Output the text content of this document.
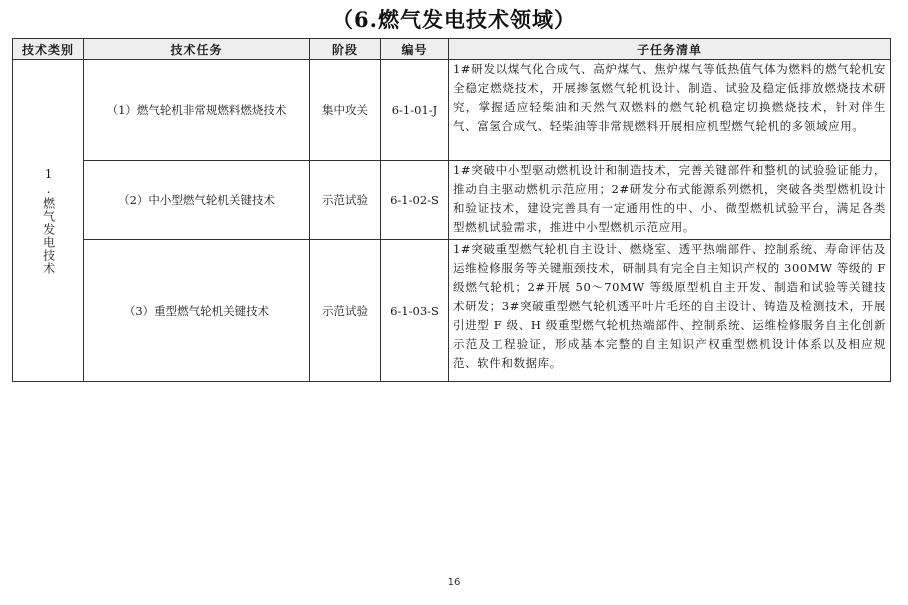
（6.燃气发电技术领域）
技术类别	技术任务	阶段	编号	子任务清单

1.燃气发电技术	（1）燃气轮机非常规燃料燃烧技术	集中攻关	6-1-01-J	1#研发以煤气化合成气、高炉煤气、焦炉煤气等低热值气体为燃料的燃气轮机安全稳定燃烧技术，开展掺氢燃气轮机设计、制造、试验及稳定低排放燃烧技术研究，掌握适应轻柴油和天然气双燃料的燃气轮机稳定切换燃烧技术，针对伴生气、富氢合成气、轻柴油等非常规燃料开展相应机型燃气轮机的多领域应用。
	（2）中小型燃气轮机关键技术	示范试验	6-1-02-S	1#突破中小型驱动燃机设计和制造技术，完善关键部件和整机的试验验证能力，推动自主驱动燃机示范应用；2#研发分布式能源系列燃机，突破各类型燃机设计和验证技术，建设完善具有一定通用性的中、小、微型燃机试验平台，满足各类型燃机试验需求，推进中小型燃机示范应用。
	（3）重型燃气轮机关键技术	示范试验	6-1-03-S	1#突破重型燃气轮机自主设计、燃烧室、透平热端部件、控制系统、寿命评估及运维检修服务等关键瓶颈技术，研制具有完全自主知识产权的 300MW 等级的 F 级燃气轮机；2#开展 50～70MW 等级原型机自主开发、制造和试验等关键技术研发；3#突破重型燃气轮机透平叶片毛坯的自主设计、铸造及检测技术，开展引进型 F 级、H 级重型燃气轮机热端部件、控制系统、运维检修服务自主化创新示范及工程验证，形成基本完整的自主知识产权重型燃机设计体系以及相应规范、软件和数据库。
16
